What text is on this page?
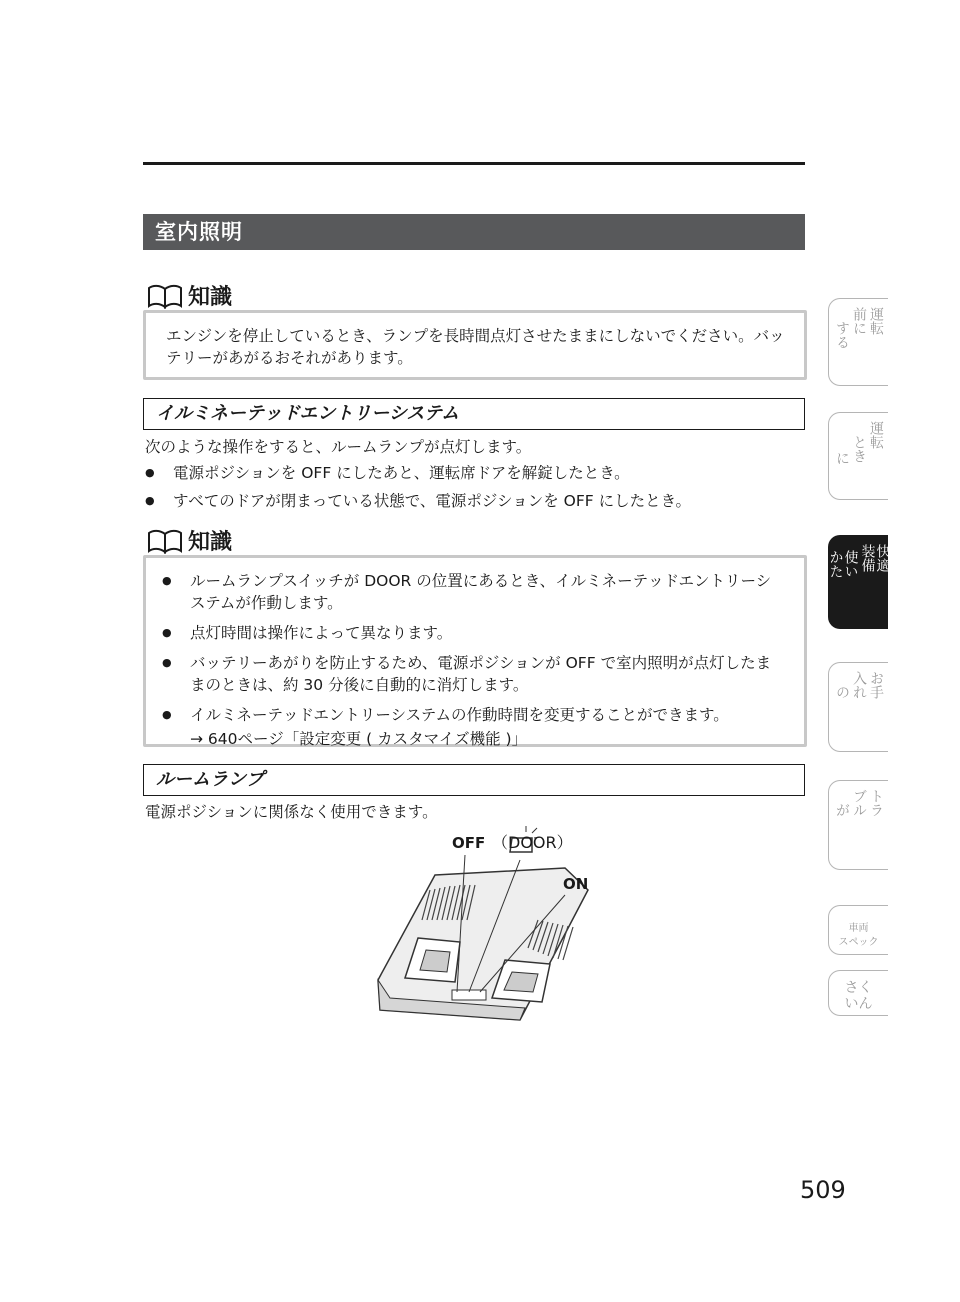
室内照明
知識

エンジンを停止しているとき、ランプを長時間点灯させたままにしないでください。バッテリーがあがるおそれがあります。

イルミネーテッドエントリーシステム
次のような操作をすると、ルームランプが点灯します。
● 電源ポジションを OFF にしたあと、運転席ドアを解錠したとき。
● すべてのドアが閉まっている状態で、電源ポジションを OFF にしたとき。
知識
● ルームランプスイッチが DOOR の位置にあるとき、イルミネーテッドエントリーシステムが作動します。
● 点灯時間は操作によって異なります。
● バッテリーあがりを防止するため、電源ポジションが OFF で室内照明が点灯したままのときは、約 30 分後に自動的に消灯します。
● イルミネーテッドエントリーシステムの作動時間を変更することができます。
→ 640ページ「設定変更 ( カスタマイズ機能 )」
ルームランプ
電源ポジションに関係なく使用できます。
OFF （DOOR）
ON
運転
前に
する
運転
とき
に
快適
装備
使い
かた
お手
入れ
の
トラ
ブル
が
車両
スペック
さく
いん
509
